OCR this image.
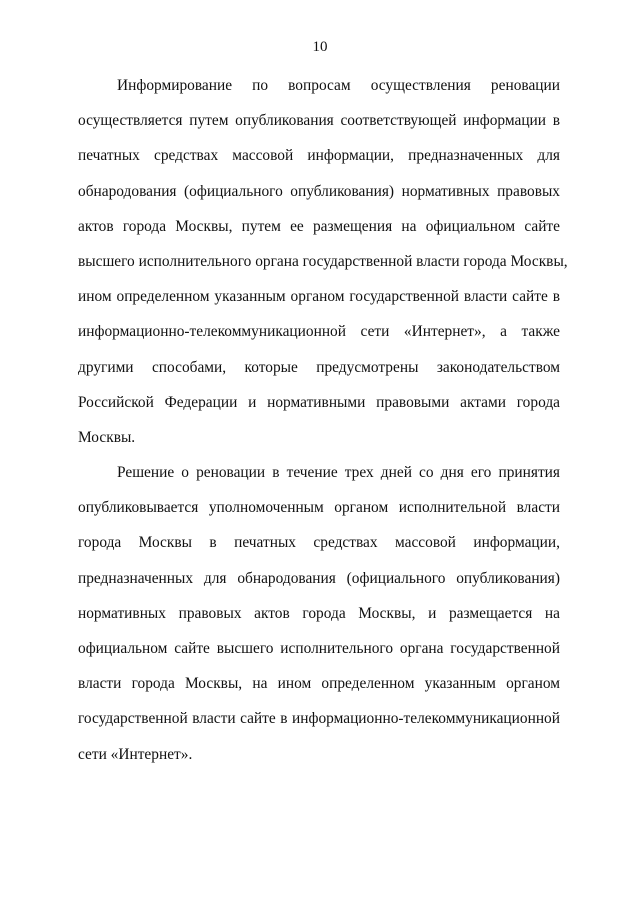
10
Информирование по вопросам осуществления реновации
осуществляется путем опубликования соответствующей информации в
печатных средствах массовой информации, предназначенных для
обнародования (официального опубликования) нормативных правовых
актов города Москвы, путем ее размещения на официальном сайте
высшего исполнительного органа государственной власти города Москвы,
ином определенном указанным органом государственной власти сайте в
информационно-телекоммуникационной сети «Интернет», а также
другими способами, которые предусмотрены законодательством
Российской Федерации и нормативными правовыми актами города
Москвы.
Решение о реновации в течение трех дней со дня его принятия
опубликовывается уполномоченным органом исполнительной власти
города Москвы в печатных средствах массовой информации,
предназначенных для обнародования (официального опубликования)
нормативных правовых актов города Москвы, и размещается на
официальном сайте высшего исполнительного органа государственной
власти города Москвы, на ином определенном указанным органом
государственной власти сайте в информационно-телекоммуникационной
сети «Интернет».
